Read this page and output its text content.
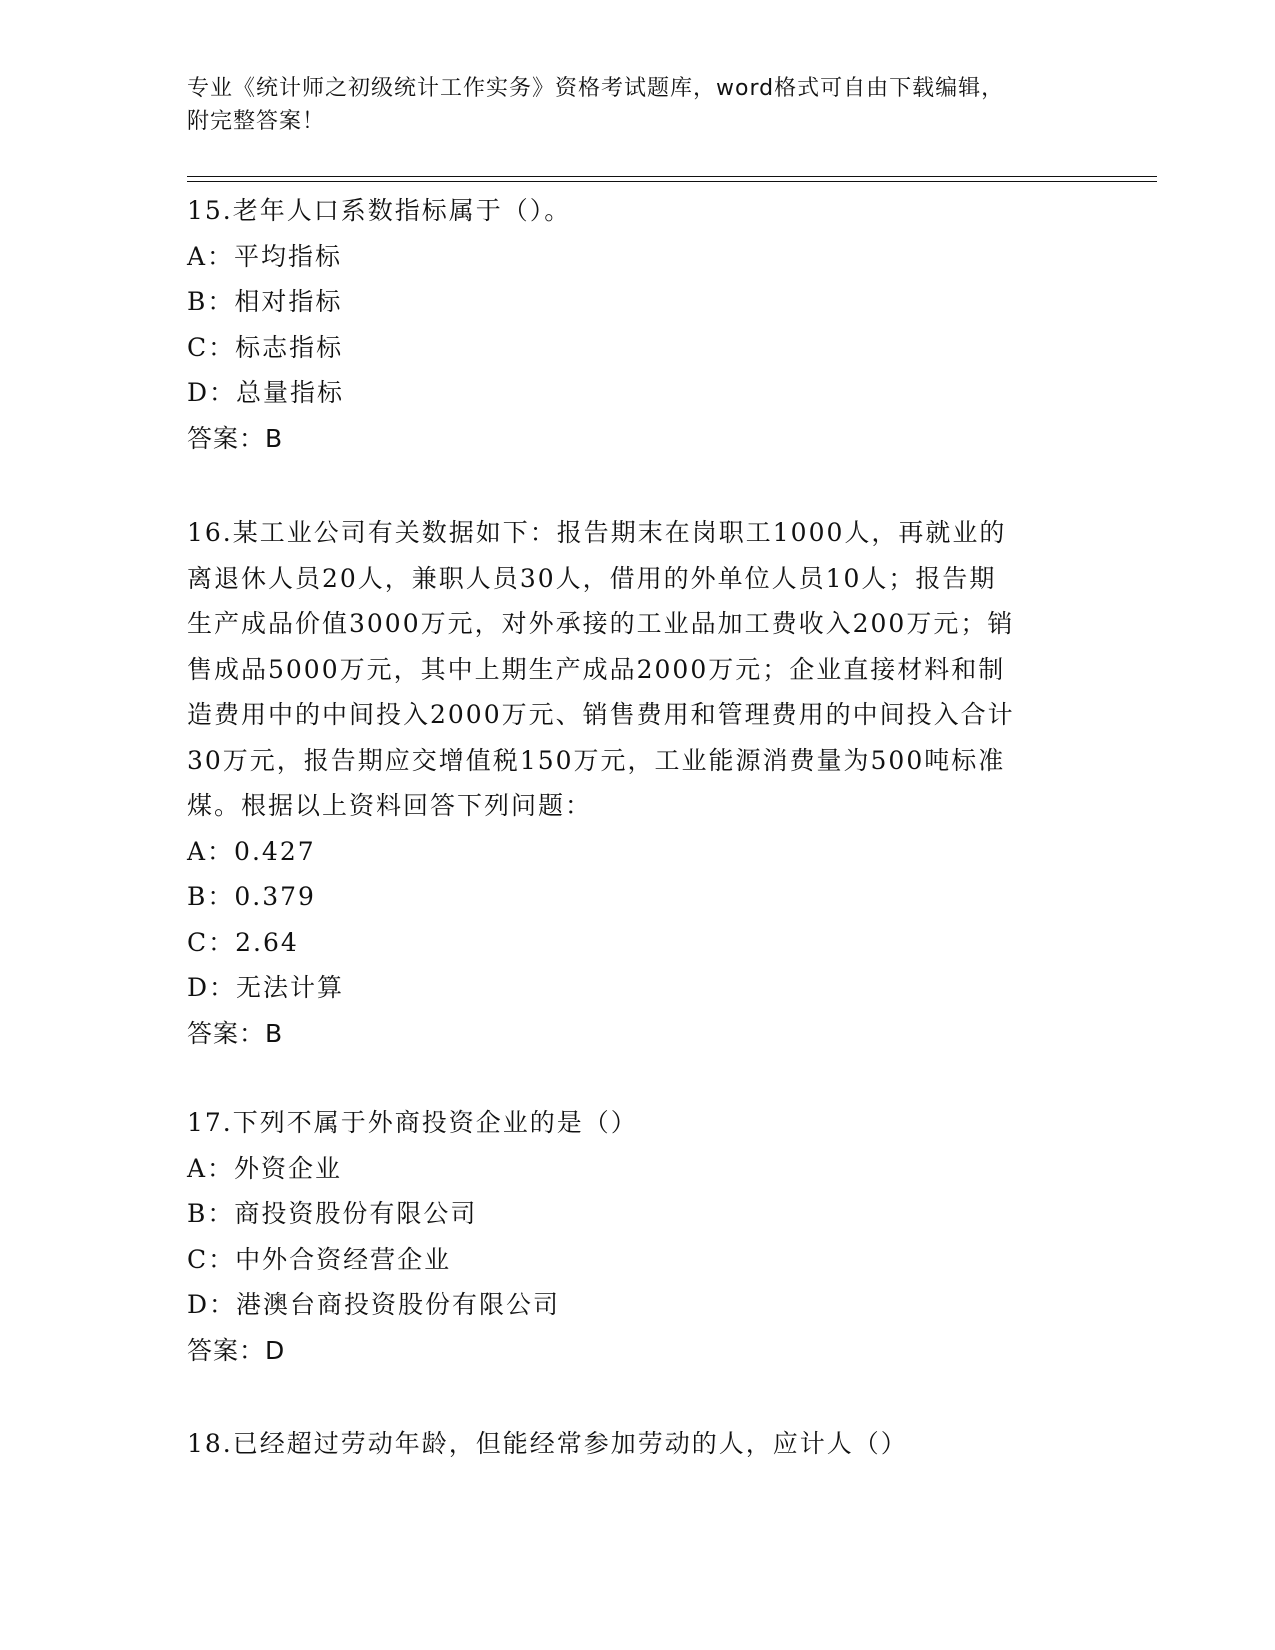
专业《统计师之初级统计工作实务》资格考试题库，word格式可自由下载编辑，
附完整答案！

15.老年人口系数指标属于（）。

A：平均指标

B：相对指标

C：标志指标

D：总量指标

答案：B

16.某工业公司有关数据如下：报告期末在岗职工1000人，再就业的

离退休人员20人，兼职人员30人，借用的外单位人员10人；报告期

生产成品价值3000万元，对外承接的工业品加工费收入200万元；销

售成品5000万元，其中上期生产成品2000万元；企业直接材料和制

造费用中的中间投入2000万元、销售费用和管理费用的中间投入合计

30万元，报告期应交增值税150万元，工业能源消费量为500吨标准

煤。根据以上资料回答下列问题：

A：0.427

B：0.379

C：2.64

D：无法计算

答案：B

17.下列不属于外商投资企业的是（）

A：外资企业

B：商投资股份有限公司

C：中外合资经营企业

D：港澳台商投资股份有限公司

答案：D

18.已经超过劳动年龄，但能经常参加劳动的人，应计人（）
